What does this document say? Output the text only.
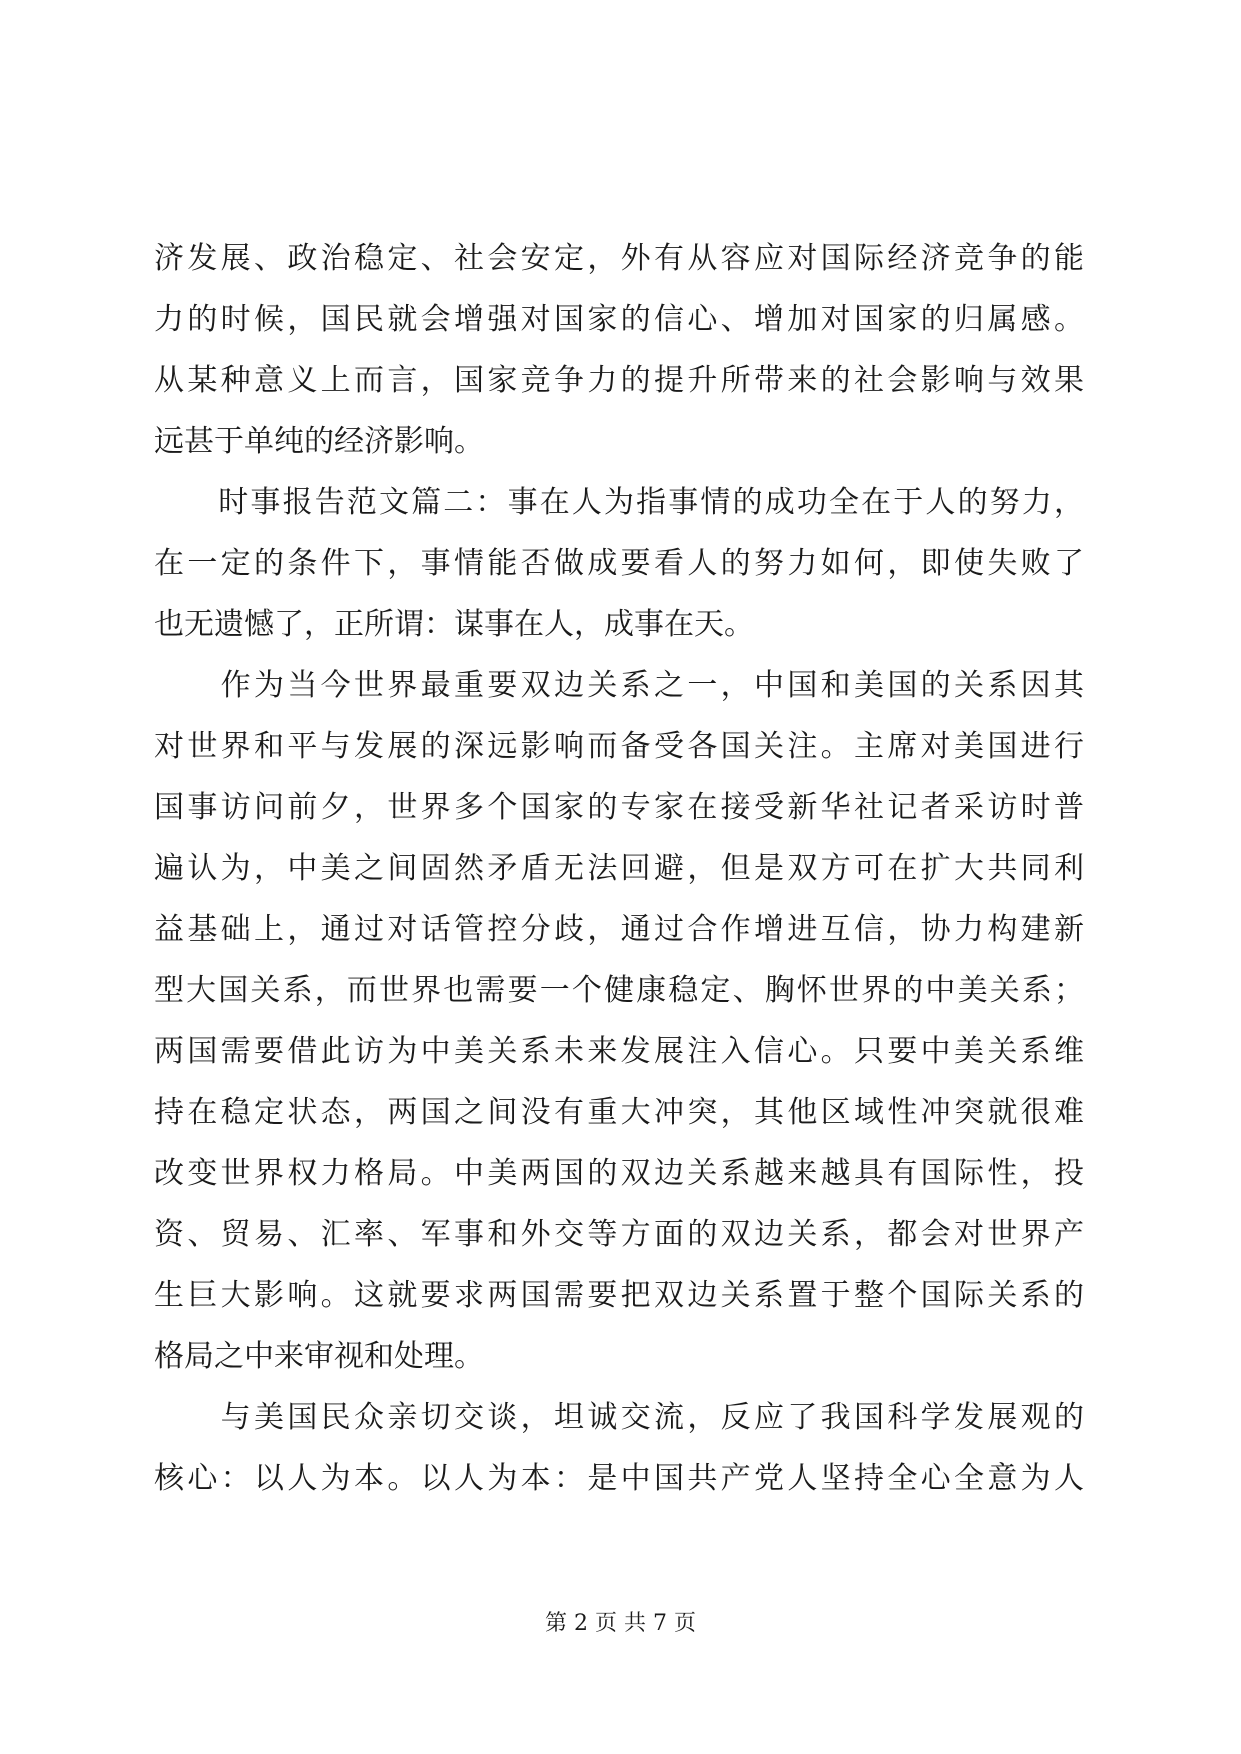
济发展、政治稳定、社会安定，外有从容应对国际经济竞争的能
力的时候，国民就会增强对国家的信心、增加对国家的归属感。
从某种意义上而言，国家竞争力的提升所带来的社会影响与效果
远甚于单纯的经济影响。
　　时事报告范文篇二：事在人为指事情的成功全在于人的努力，
在一定的条件下，事情能否做成要看人的努力如何，即使失败了
也无遗憾了，正所谓：谋事在人，成事在天。
　　作为当今世界最重要双边关系之一，中国和美国的关系因其
对世界和平与发展的深远影响而备受各国关注。主席对美国进行
国事访问前夕，世界多个国家的专家在接受新华社记者采访时普
遍认为，中美之间固然矛盾无法回避，但是双方可在扩大共同利
益基础上，通过对话管控分歧，通过合作增进互信，协力构建新
型大国关系，而世界也需要一个健康稳定、胸怀世界的中美关系；
两国需要借此访为中美关系未来发展注入信心。只要中美关系维
持在稳定状态，两国之间没有重大冲突，其他区域性冲突就很难
改变世界权力格局。中美两国的双边关系越来越具有国际性，投
资、贸易、汇率、军事和外交等方面的双边关系，都会对世界产
生巨大影响。这就要求两国需要把双边关系置于整个国际关系的
格局之中来审视和处理。
　　与美国民众亲切交谈，坦诚交流，反应了我国科学发展观的
核心：以人为本。以人为本：是中国共产党人坚持全心全意为人
第 2 页 共 7 页
